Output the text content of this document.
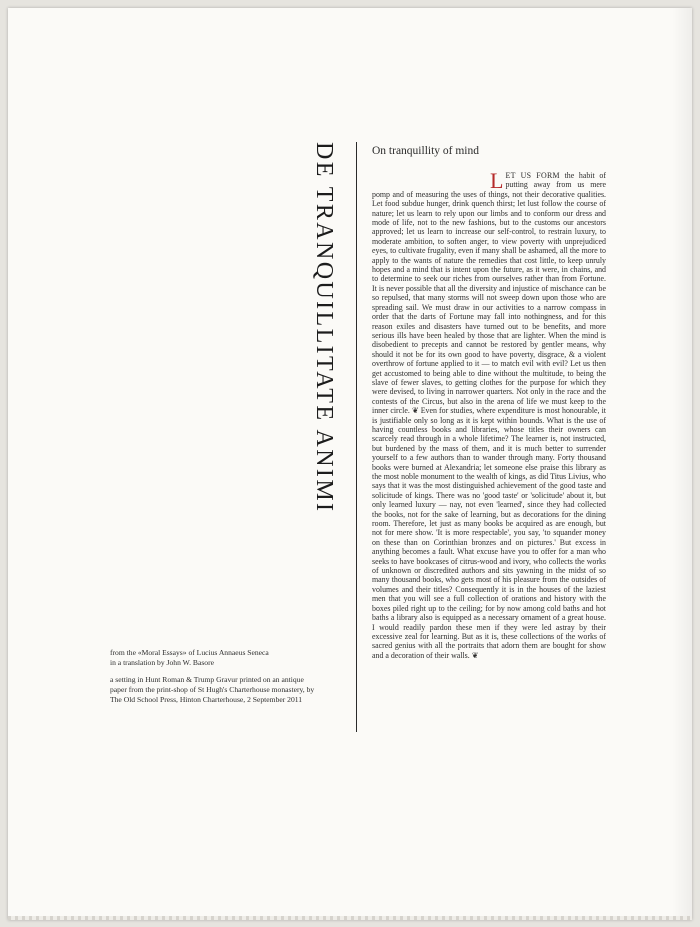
DE TRANQUILLITATE ANIMI	On tranquillity of mind
LET US FORM the habit of putting away from us mere pomp and of measuring the uses of things, not their decorative qualities. Let food subdue hunger, drink quench thirst; let lust follow the course of nature; let us learn to rely upon our limbs and to conform our dress and mode of life, not to the new fashions, but to the customs our ancestors approved; let us learn to increase our self-control, to restrain luxury, to moderate ambition, to soften anger, to view poverty with unprejudiced eyes, to cultivate frugality, even if many shall be ashamed, all the more to apply to the wants of nature the remedies that cost little, to keep unruly hopes and a mind that is intent upon the future, as it were, in chains, and to determine to seek our riches from ourselves rather than from Fortune. It is never possible that all the diversity and injustice of mischance can be so repulsed, that many storms will not sweep down upon those who are spreading sail. We must draw in our activities to a narrow compass in order that the darts of Fortune may fall into nothingness, and for this reason exiles and disasters have turned out to be benefits, and more serious ills have been healed by those that are lighter. When the mind is disobedient to precepts and cannot be restored by gentler means, why should it not be for its own good to have poverty, disgrace, & a violent overthrow of fortune applied to it — to match evil with evil? Let us then get accustomed to being able to dine without the multitude, to being the slave of fewer slaves, to getting clothes for the purpose for which they were devised, to living in narrower quarters. Not only in the race and the contests of the Circus, but also in the arena of life we must keep to the inner circle. ❦ Even for studies, where expenditure is most honourable, it is justifiable only so long as it is kept within bounds. What is the use of having countless books and libraries, whose titles their owners can scarcely read through in a whole lifetime? The learner is, not instructed, but burdened by the mass of them, and it is much better to surrender yourself to a few authors than to wander through many. Forty thousand books were burned at Alexandria; let someone else praise this library as the most noble monument to the wealth of kings, as did Titus Livius, who says that it was the most distinguished achievement of the good taste and solicitude of kings. There was no 'good taste' or 'solicitude' about it, but only learned luxury — nay, not even 'learned', since they had collected the books, not for the sake of learning, but as decorations for the dining room. Therefore, let just as many books be acquired as are enough, but not for mere show. 'It is more respectable', you say, 'to squander money on these than on Corinthian bronzes and on pictures.' But excess in anything becomes a fault. What excuse have you to offer for a man who seeks to have bookcases of citrus-wood and ivory, who collects the works of unknown or discredited authors and sits yawning in the midst of so many thousand books, who gets most of his pleasure from the outsides of volumes and their titles? Consequently it is in the houses of the laziest men that you will see a full collection of orations and history with the boxes piled right up to the ceiling; for by now among cold baths and hot baths a library also is equipped as a necessary ornament of a great house. I would readily pardon these men if they were led astray by their excessive zeal for learning. But as it is, these collections of the works of sacred genius with all the portraits that adorn them are bought for show and a decoration of their walls. ❦

from the «Moral Essays» of Lucius Annaeus Seneca
in a translation by John W. Basore

a setting in Hunt Roman & Trump Gravur printed on an antique paper from the print-shop of St Hugh's Charterhouse monastery, by The Old School Press, Hinton Charterhouse, 2 September 2011
